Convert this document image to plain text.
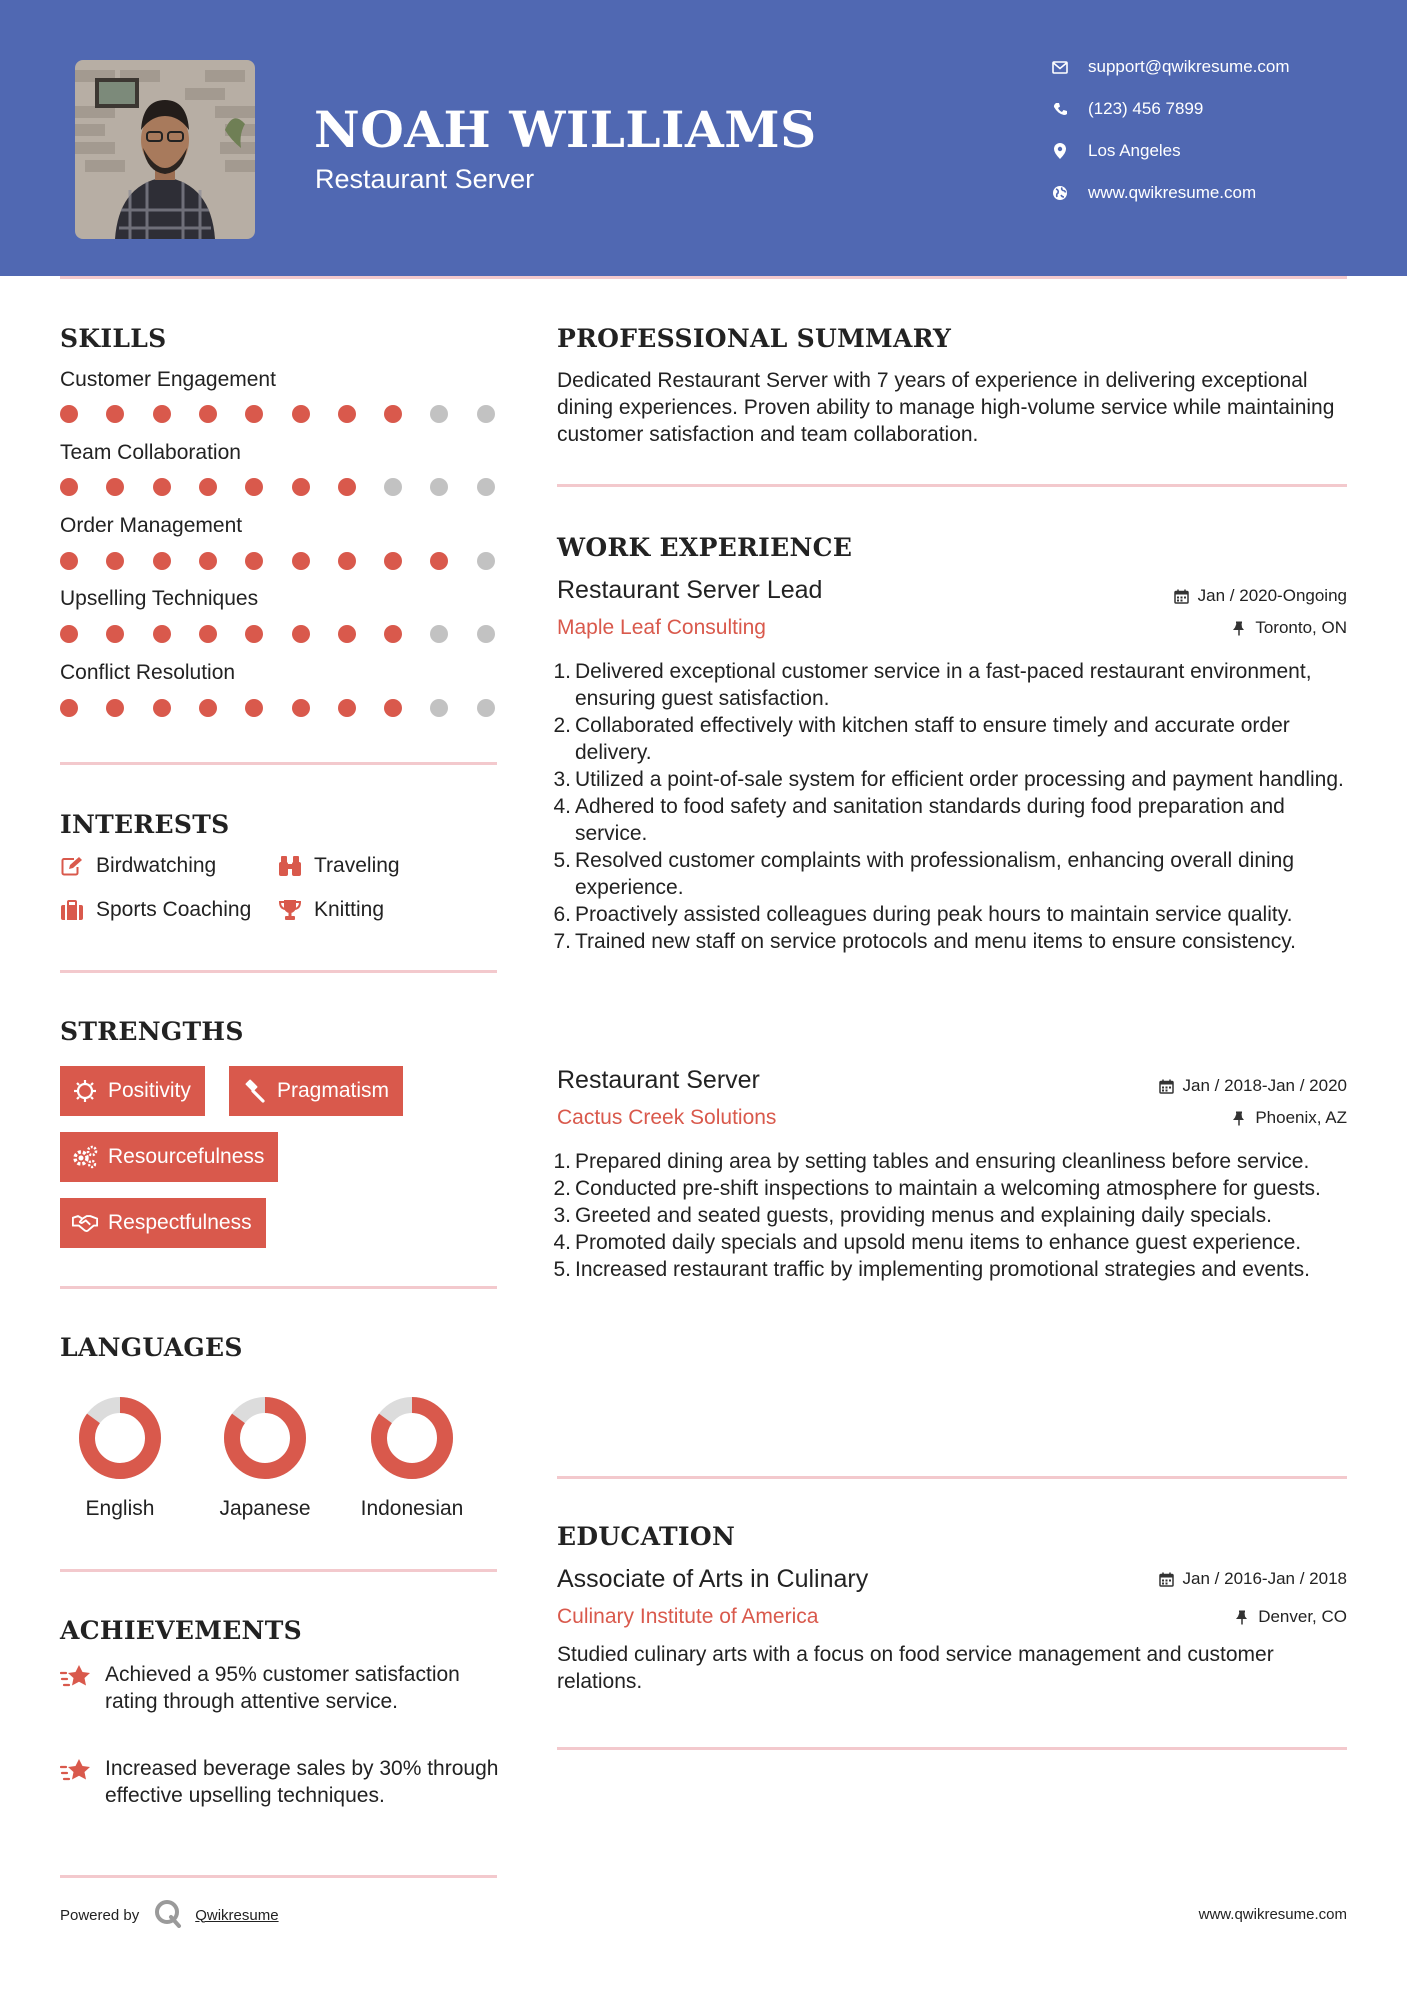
NOAH WILLIAMS
Restaurant Server
support@qwikresume.com
(123) 456 7899
Los Angeles
www.qwikresume.com
SKILLS
Customer Engagement
Team Collaboration
Order Management
Upselling Techniques
Conflict Resolution
INTERESTS
Birdwatching	Traveling
Sports Coaching	Knitting
STRENGTHS
Positivity	Pragmatism
Resourcefulness
Respectfulness
LANGUAGES
English	Japanese	Indonesian
ACHIEVEMENTS
Achieved a 95% customer satisfaction rating through attentive service.
Increased beverage sales by 30% through effective upselling techniques.
Powered by	Qwikresume	www.qwikresume.com
PROFESSIONAL SUMMARY
Dedicated Restaurant Server with 7 years of experience in delivering exceptional dining experiences. Proven ability to manage high-volume service while maintaining customer satisfaction and team collaboration.
WORK EXPERIENCE
Restaurant Server Lead	Jan / 2020-Ongoing
Maple Leaf Consulting	Toronto, ON
1. Delivered exceptional customer service in a fast-paced restaurant environment, ensuring guest satisfaction.
2. Collaborated effectively with kitchen staff to ensure timely and accurate order delivery.
3. Utilized a point-of-sale system for efficient order processing and payment handling.
4. Adhered to food safety and sanitation standards during food preparation and service.
5. Resolved customer complaints with professionalism, enhancing overall dining experience.
6. Proactively assisted colleagues during peak hours to maintain service quality.
7. Trained new staff on service protocols and menu items to ensure consistency.
Restaurant Server	Jan / 2018-Jan / 2020
Cactus Creek Solutions	Phoenix, AZ
1. Prepared dining area by setting tables and ensuring cleanliness before service.
2. Conducted pre-shift inspections to maintain a welcoming atmosphere for guests.
3. Greeted and seated guests, providing menus and explaining daily specials.
4. Promoted daily specials and upsold menu items to enhance guest experience.
5. Increased restaurant traffic by implementing promotional strategies and events.
EDUCATION
Associate of Arts in Culinary	Jan / 2016-Jan / 2018
Culinary Institute of America	Denver, CO
Studied culinary arts with a focus on food service management and customer relations.
